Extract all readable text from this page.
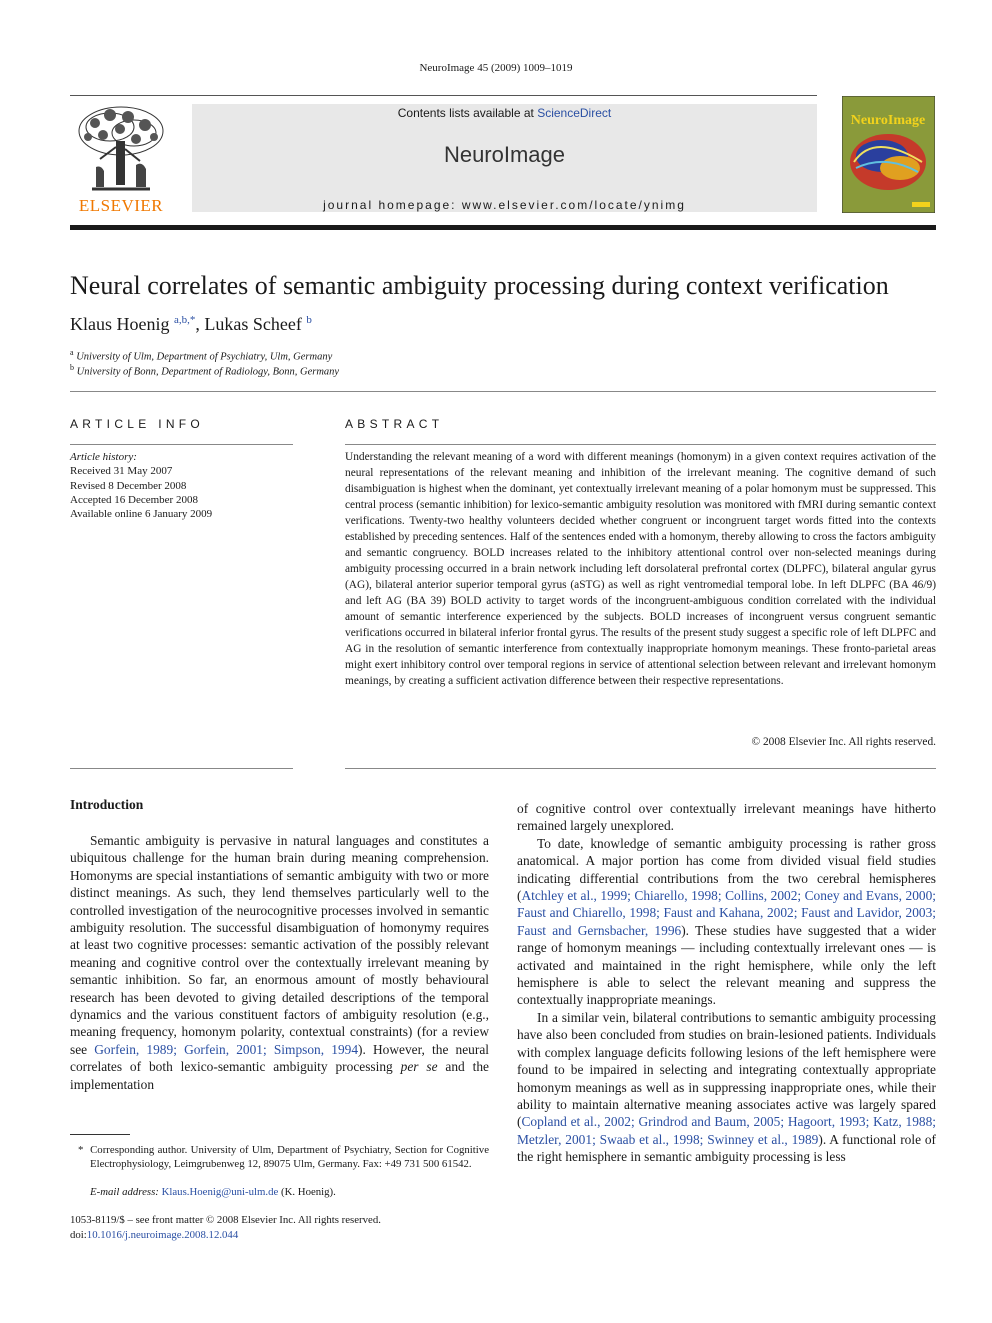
NeuroImage 45 (2009) 1009–1019
ELSEVIER
Contents lists available at ScienceDirect
NeuroImage
journal homepage: www.elsevier.com/locate/ynimg
NeuroImage
Neural correlates of semantic ambiguity processing during context verification
Klaus Hoenig $^{a,b,*}$, Lukas Scheef $^b$
$^a$ University of Ulm, Department of Psychiatry, Ulm, Germany
$^b$ University of Bonn, Department of Radiology, Bonn, Germany
ARTICLE INFO
Article history:
Received 31 May 2007
Revised 8 December 2008
Accepted 16 December 2008
Available online 6 January 2009
ABSTRACT
Understanding the relevant meaning of a word with different meanings (homonym) in a given context requires activation of the neural representations of the relevant meaning and inhibition of the irrelevant meaning. The cognitive demand of such disambiguation is highest when the dominant, yet contextually irrelevant meaning of a polar homonym must be suppressed. This central process (semantic inhibition) for lexico-semantic ambiguity resolution was monitored with fMRI during semantic context verifications. Twenty-two healthy volunteers decided whether congruent or incongruent target words fitted into the contexts established by preceding sentences. Half of the sentences ended with a homonym, thereby allowing to cross the factors ambiguity and semantic congruency. BOLD increases related to the inhibitory attentional control over non-selected meanings during ambiguity processing occurred in a brain network including left dorsolateral prefrontal cortex (DLPFC), bilateral angular gyrus (AG), bilateral anterior superior temporal gyrus (aSTG) as well as right ventromedial temporal lobe. In left DLPFC (BA 46/9) and left AG (BA 39) BOLD activity to target words of the incongruent-ambiguous condition correlated with the individual amount of semantic interference experienced by the subjects. BOLD increases of incongruent versus congruent semantic verifications occurred in bilateral inferior frontal gyrus. The results of the present study suggest a specific role of left DLPFC and AG in the resolution of semantic interference from contextually inappropriate homonym meanings. These fronto-parietal areas might exert inhibitory control over temporal regions in service of attentional selection between relevant and irrelevant homonym meanings, by creating a sufficient activation difference between their respective representations.
© 2008 Elsevier Inc. All rights reserved.
Introduction

Semantic ambiguity is pervasive in natural languages and constitutes a ubiquitous challenge for the human brain during meaning comprehension. Homonyms are special instantiations of semantic ambiguity with two or more distinct meanings. As such, they lend themselves particularly well to the controlled investigation of the neurocognitive processes involved in semantic ambiguity resolution. The successful disambiguation of homonymy requires at least two cognitive processes: semantic activation of the possibly relevant meaning and cognitive control over the contextually irrelevant meaning by semantic inhibition. So far, an enormous amount of mostly behavioural research has been devoted to giving detailed descriptions of the temporal dynamics and the various constituent factors of ambiguity resolution (e.g., meaning frequency, homonym polarity, contextual constraints) (for a review see Gorfein, 1989; Gorfein, 2001; Simpson, 1994). However, the neural correlates of both lexico-semantic ambiguity processing per se and the implementation

of cognitive control over contextually irrelevant meanings have hitherto remained largely unexplored.

To date, knowledge of semantic ambiguity processing is rather gross anatomical. A major portion has come from divided visual field studies indicating differential contributions from the two cerebral hemispheres (Atchley et al., 1999; Chiarello, 1998; Collins, 2002; Coney and Evans, 2000; Faust and Chiarello, 1998; Faust and Kahana, 2002; Faust and Lavidor, 2003; Faust and Gernsbacher, 1996). These studies have suggested that a wider range of homonym meanings — including contextually irrelevant ones — is activated and maintained in the right hemisphere, while only the left hemisphere is able to select the relevant meaning and suppress the contextually inappropriate meanings.

In a similar vein, bilateral contributions to semantic ambiguity processing have also been concluded from studies on brain-lesioned patients. Individuals with complex language deficits following lesions of the left hemisphere were found to be impaired in selecting and integrating contextually appropriate homonym meanings as well as in suppressing inappropriate ones, while their ability to maintain alternative meaning associates active was largely spared (Copland et al., 2002; Grindrod and Baum, 2005; Hagoort, 1993; Katz, 1988; Metzler, 2001; Swaab et al., 1998; Swinney et al., 1989). A functional role of the right hemisphere in semantic ambiguity processing is less

* Corresponding author. University of Ulm, Department of Psychiatry, Section for Cognitive Electrophysiology, Leimgrubenweg 12, 89075 Ulm, Germany. Fax: +49 731 500 61542.
E-mail address: Klaus.Hoenig@uni-ulm.de (K. Hoenig).
1053-8119/$ – see front matter © 2008 Elsevier Inc. All rights reserved.
doi:10.1016/j.neuroimage.2008.12.044
